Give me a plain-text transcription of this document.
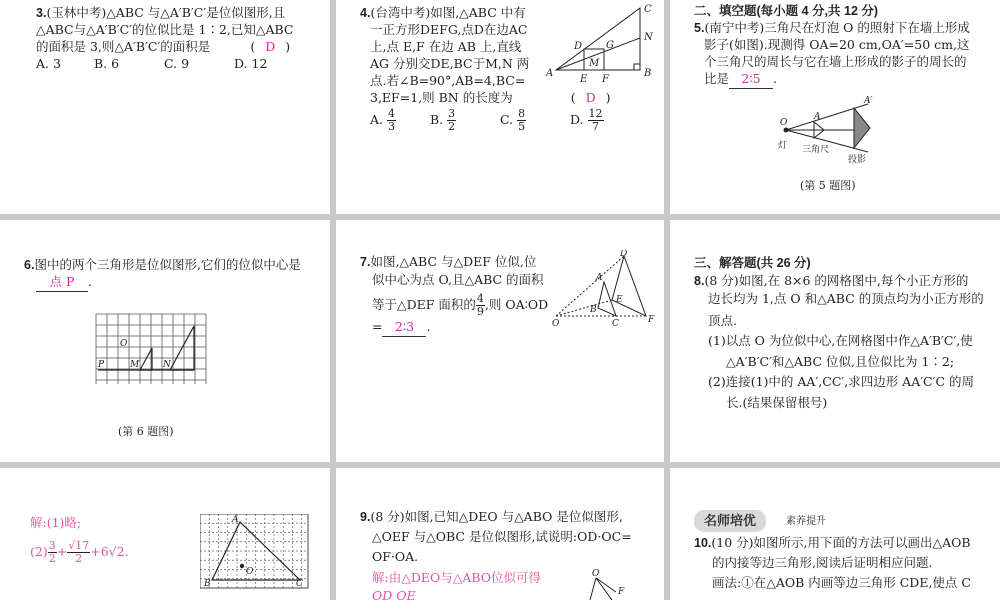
3.(玉林中考)△ABC 与△A′B′C′是位似图形,且

△ABC与△A′B′C′的位似比是 1∶2,已知△ABC

的面积是 3,则△A′B′C′的面积是	( D )

A. 3	B. 6	C. 9	D. 12

4.(台湾中考)如图,△ABC 中有

一正方形DEFG,点D在边AC

上,点 E,F 在边 AB 上,直线

AG 分别交DE,BC于M,N 两

点.若∠B=90°,AB=4,BC=

3,EF=1,则 BN 的长度为	( D )

A. $\frac{4}{3}$	B. $\frac{3}{2}$	C. $\frac{8}{5}$	D. $\frac{12}{7}$
A	B
C
D
E F
G
M
N

二、填空题(每小题 4 分,共 12 分)

5.(南宁中考)三角尺在灯泡 O 的照射下在墙上形成

影子(如图).现测得 OA=20 cm,OA′=50 cm,这

个三角尺的周长与它在墙上形成的影子的周长的

比是 2∶5 .

O
A
A′
灯 三角尺
投影

(第 5 题图)

6.图中的两个三角形是位似图形,它们的位似中心是

点 P .

O
P	M	N

(第 6 题图)

7.如图,△ABC 与△DEF 位似,位

似中心为点 O,且△ABC 的面积

等于△DEF 面积的 $\frac{4}{9}$ ,则 OA∶OD

= 2∶3 .	O
A
B
C
D
E
F

三、解答题(共 26 分)

8.(8 分)如图,在 8×6 的网格图中,每个小正方形的

边长均为 1,点 O 和△ABC 的顶点均为小正方形的

顶点.

(1)以点 O 为位似中心,在网格图中作△A′B′C′,使

△A′B′C′和△ABC 位似,且位似比为 1∶2;

(2)连接(1)中的 AA′,CC′,求四边形 AA′C′C 的周

长.(结果保留根号)

解:(1)略;

$(2) \frac{3}{2} + \frac{√17}{2} +6√2$.

A
B	C
O

9.(8 分)如图,已知△DEO 与△ABO 是位似图形,

△OEF 与△OBC 是位似图形,试说明:OD·OC=

OF·OA.

解:由△DEO与△ABO位似可得

OD OE

O
F
名师培优	素养提升

10.(10 分)如图所示,用下面的方法可以画出△AOB

的内接等边三角形,阅读后证明相应问题.

画法:①在△AOB 内画等边三角形 CDE,使点 C
